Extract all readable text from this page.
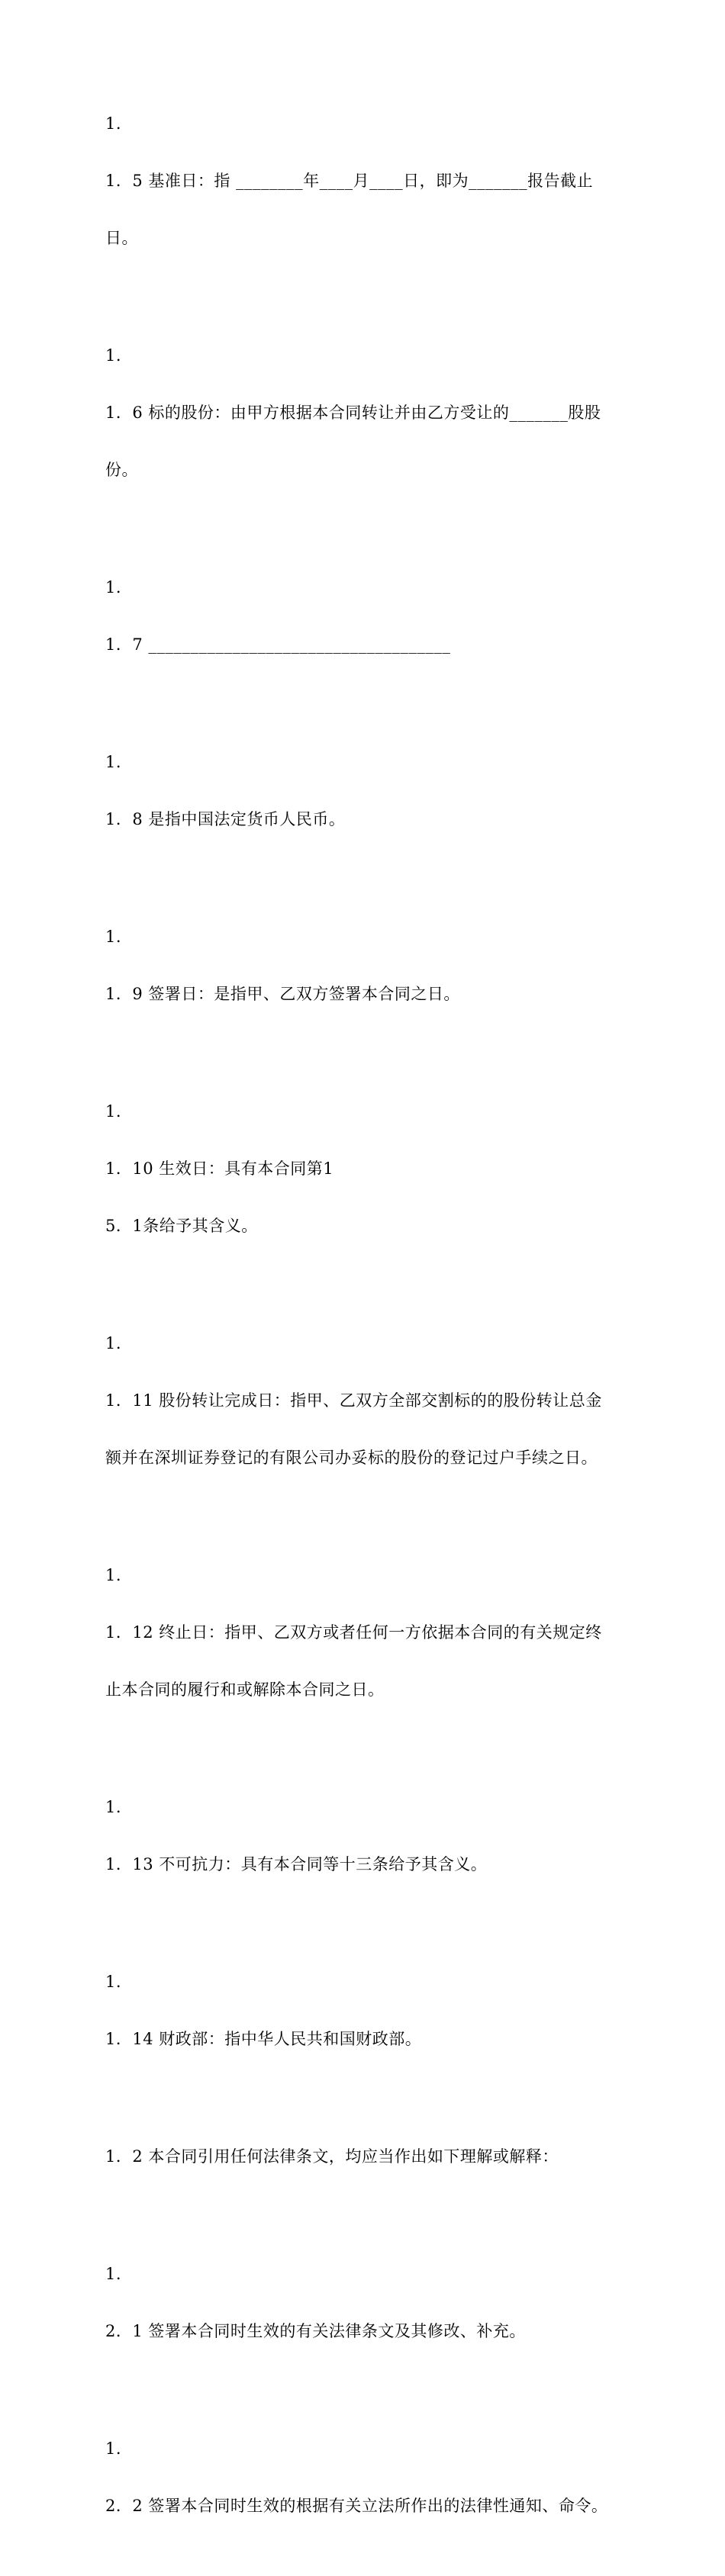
1.

1．5 基准日：指 ________年____月____日，即为_______报告截止

日。

1.

1．6 标的股份：由甲方根据本合同转让并由乙方受让的_______股股

份。

1.

1．7 ____________________________________

1.

1．8 是指中国法定货币人民币。

1.

1．9 签署日：是指甲、乙双方签署本合同之日。

1.

1．10 生效日：具有本合同第1

5．1条给予其含义。

1.

1．11 股份转让完成日：指甲、乙双方全部交割标的的股份转让总金

额并在深圳证券登记的有限公司办妥标的股份的登记过户手续之日。

1.

1．12 终止日：指甲、乙双方或者任何一方依据本合同的有关规定终

止本合同的履行和或解除本合同之日。

1.

1．13 不可抗力：具有本合同等十三条给予其含义。

1.

1．14 财政部：指中华人民共和国财政部。

1．2 本合同引用任何法律条文，均应当作出如下理解或解释：

1.

2．1 签署本合同时生效的有关法律条文及其修改、补充。

1.

2．2 签署本合同时生效的根据有关立法所作出的法律性通知、命令。
